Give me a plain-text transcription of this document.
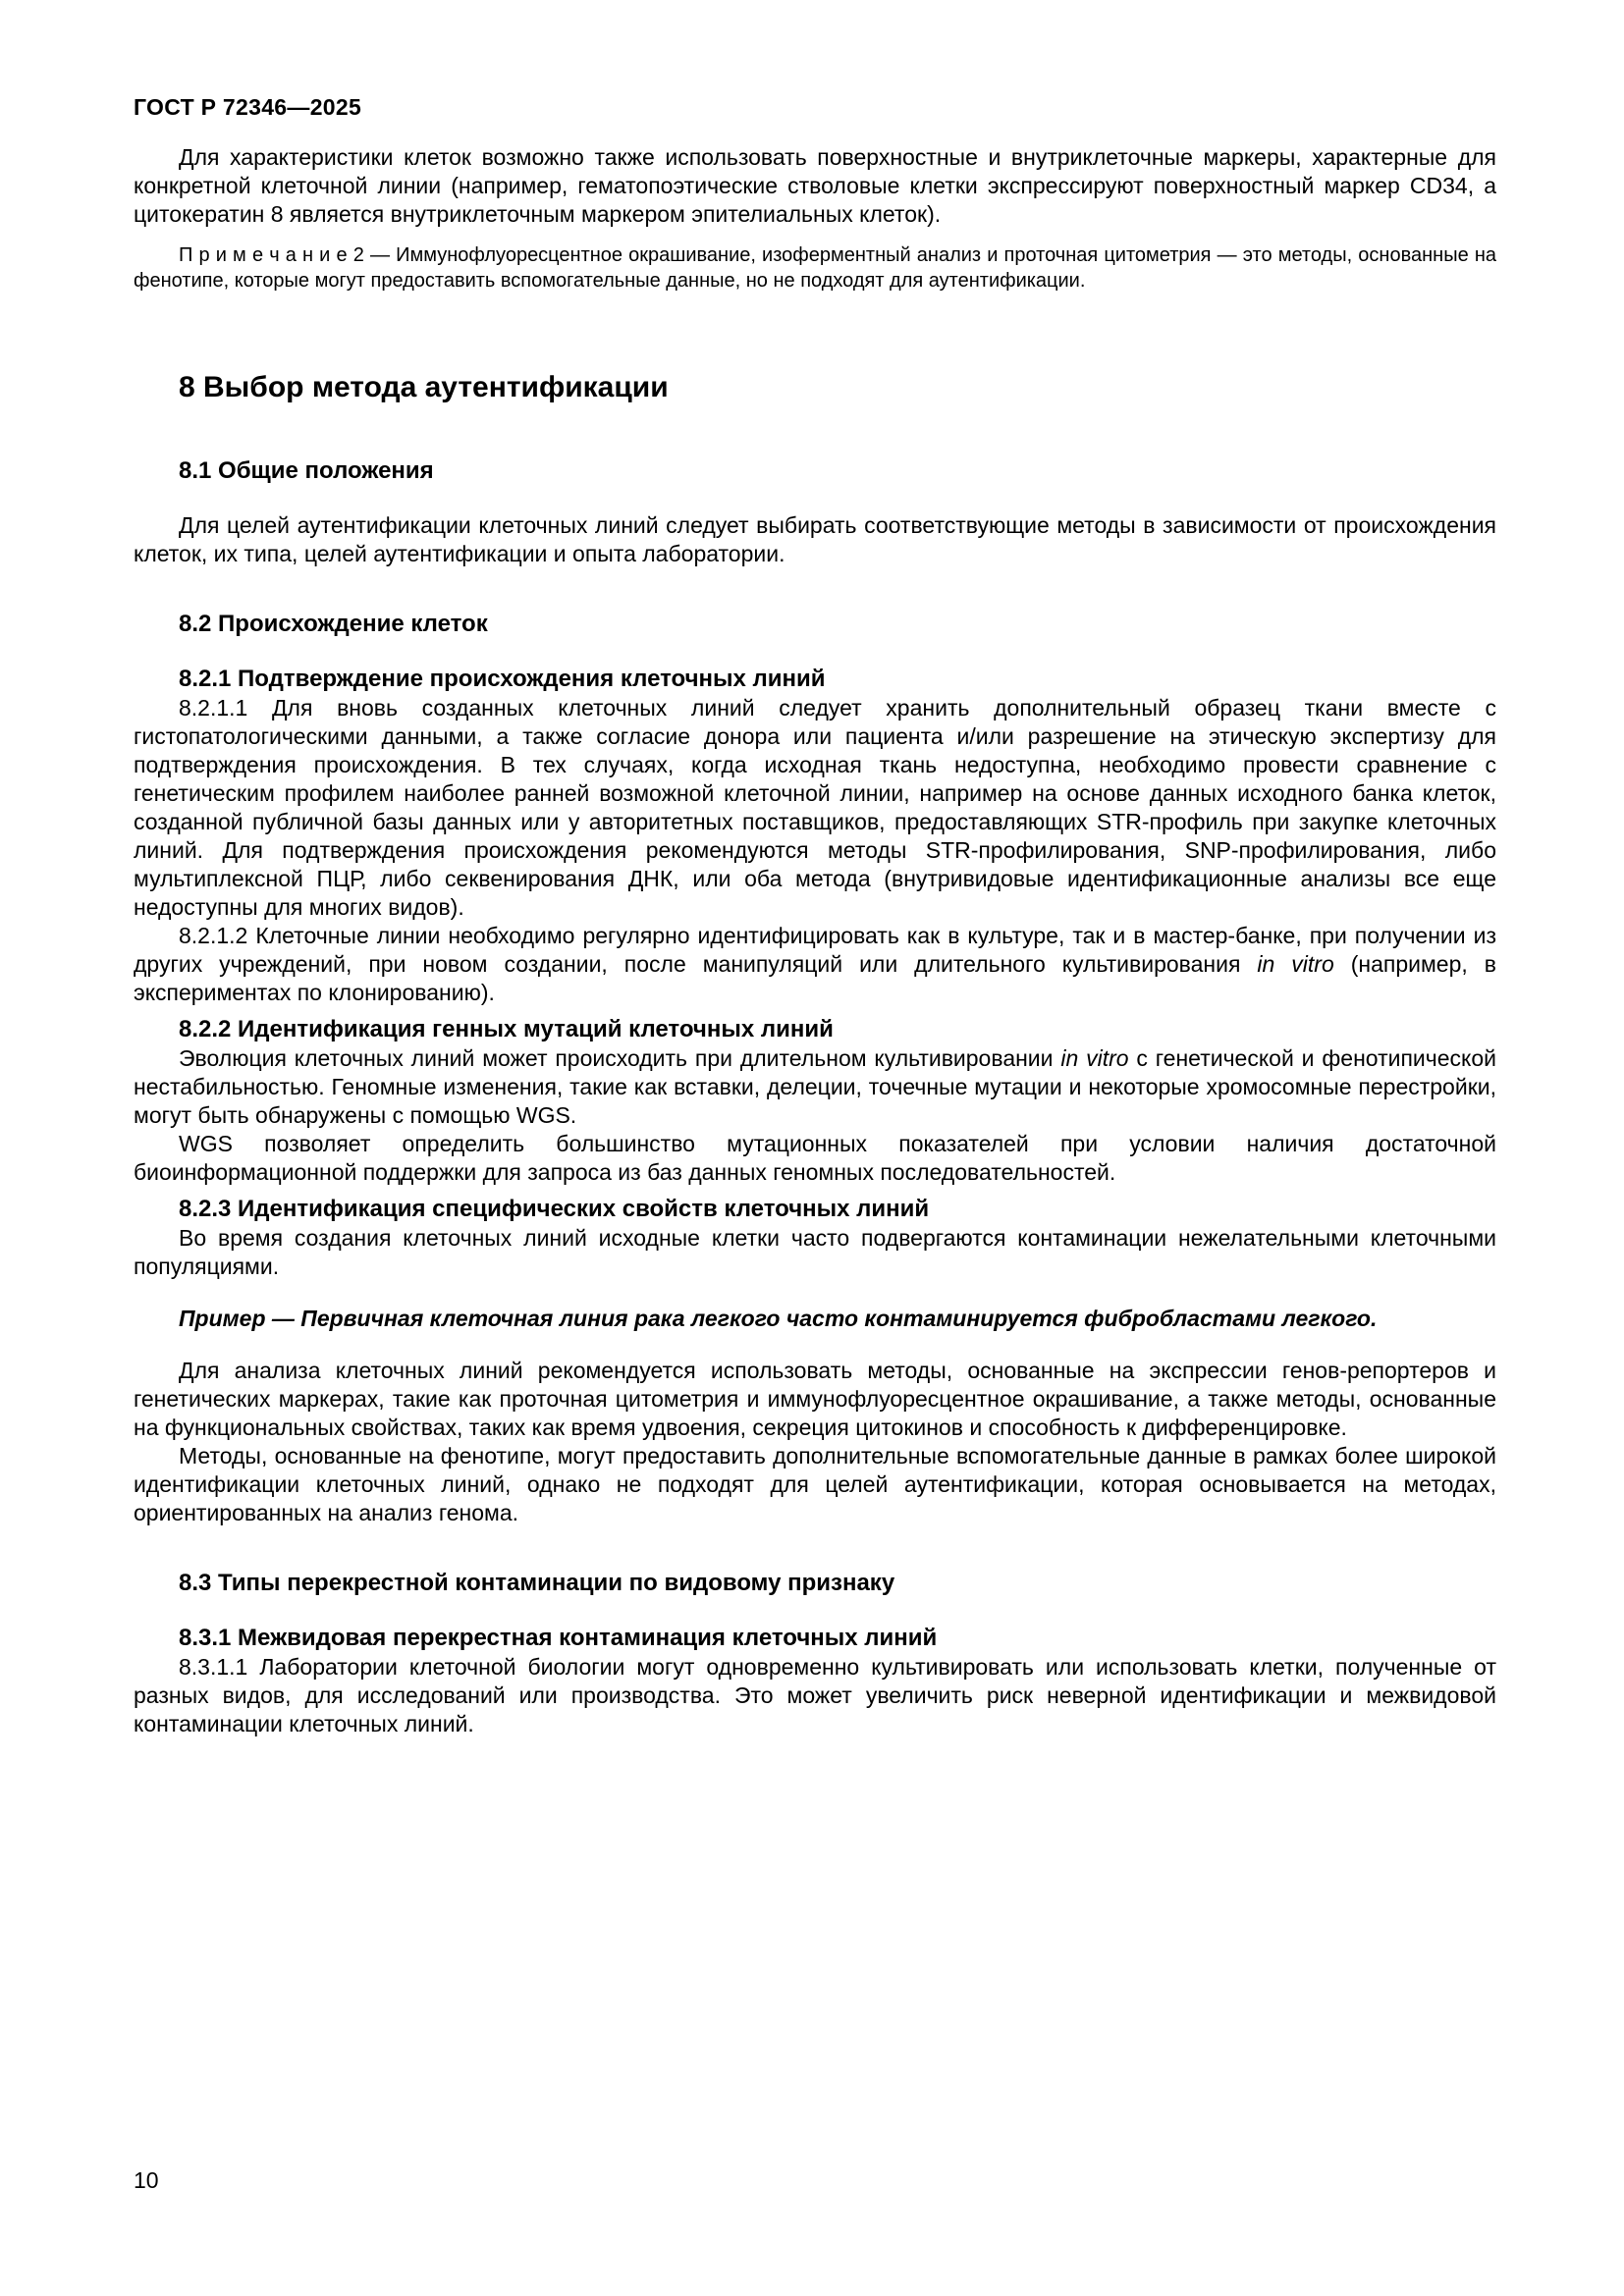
ГОСТ Р 72346—2025

Для характеристики клеток возможно также использовать поверхностные и внутриклеточные маркеры, характерные для конкретной клеточной линии (например, гематопоэтические стволовые клетки экспрессируют поверхностный маркер CD34, а цитокератин 8 является внутриклеточным маркером эпителиальных клеток).

П р и м е ч а н и е 2 — Иммунофлуоресцентное окрашивание, изоферментный анализ и проточная цитометрия — это методы, основанные на фенотипе, которые могут предоставить вспомогательные данные, но не подходят для аутентификации.

8 Выбор метода аутентификации
8.1 Общие положения

Для целей аутентификации клеточных линий следует выбирать соответствующие методы в зависимости от происхождения клеток, их типа, целей аутентификации и опыта лаборатории.

8.2 Происхождение клеток
8.2.1 Подтверждение происхождения клеточных линий

8.2.1.1 Для вновь созданных клеточных линий следует хранить дополнительный образец ткани вместе с гистопатологическими данными, а также согласие донора или пациента и/или разрешение на этическую экспертизу для подтверждения происхождения. В тех случаях, когда исходная ткань недоступна, необходимо провести сравнение с генетическим профилем наиболее ранней возможной клеточной линии, например на основе данных исходного банка клеток, созданной публичной базы данных или у авторитетных поставщиков, предоставляющих STR-профиль при закупке клеточных линий. Для подтверждения происхождения рекомендуются методы STR-профилирования, SNP-профилирования, либо мультиплексной ПЦР, либо секвенирования ДНК, или оба метода (внутривидовые идентификационные анализы все еще недоступны для многих видов).

8.2.1.2 Клеточные линии необходимо регулярно идентифицировать как в культуре, так и в мастер-банке, при получении из других учреждений, при новом создании, после манипуляций или длительного культивирования in vitro (например, в экспериментах по клонированию).

8.2.2 Идентификация генных мутаций клеточных линий

Эволюция клеточных линий может происходить при длительном культивировании in vitro с генетической и фенотипической нестабильностью. Геномные изменения, такие как вставки, делеции, точечные мутации и некоторые хромосомные перестройки, могут быть обнаружены с помощью WGS.

WGS позволяет определить большинство мутационных показателей при условии наличия достаточной биоинформационной поддержки для запроса из баз данных геномных последовательностей.

8.2.3 Идентификация специфических свойств клеточных линий

Во время создания клеточных линий исходные клетки часто подвергаются контаминации нежелательными клеточными популяциями.

Пример — Первичная клеточная линия рака легкого часто контаминируется фибробластами легкого.

Для анализа клеточных линий рекомендуется использовать методы, основанные на экспрессии генов-репортеров и генетических маркерах, такие как проточная цитометрия и иммунофлуоресцентное окрашивание, а также методы, основанные на функциональных свойствах, таких как время удвоения, секреция цитокинов и способность к дифференцировке.

Методы, основанные на фенотипе, могут предоставить дополнительные вспомогательные данные в рамках более широкой идентификации клеточных линий, однако не подходят для целей аутентификации, которая основывается на методах, ориентированных на анализ генома.

8.3 Типы перекрестной контаминации по видовому признаку
8.3.1 Межвидовая перекрестная контаминация клеточных линий

8.3.1.1 Лаборатории клеточной биологии могут одновременно культивировать или использовать клетки, полученные от разных видов, для исследований или производства. Это может увеличить риск неверной идентификации и межвидовой контаминации клеточных линий.

10
